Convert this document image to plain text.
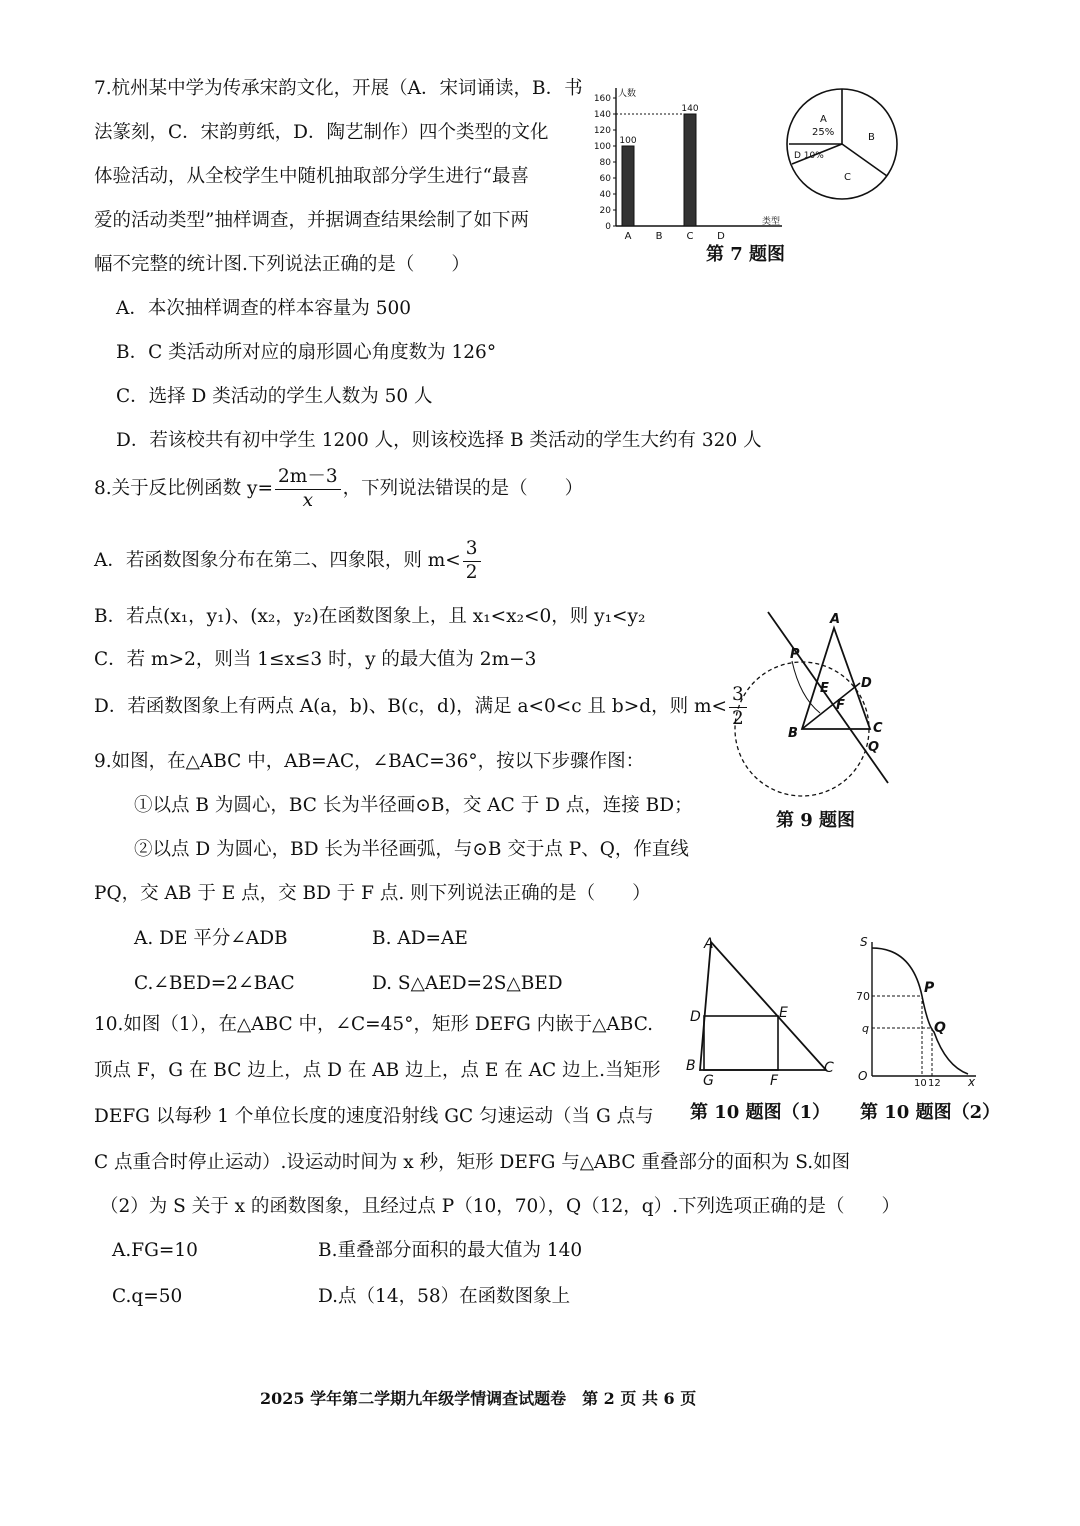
7.杭州某中学为传承宋韵文化，开展（A．宋词诵读，B．书
法篆刻，C．宋韵剪纸，D．陶艺制作）四个类型的文化
体验活动，从全校学生中随机抽取部分学生进行“最喜
爱的活动类型”抽样调查，并据调查结果绘制了如下两
幅不完整的统计图.下列说法正确的是（　　）
0
20
40
60
80
100
120
140
160 人数
类型
A
100
B C
140
D
A
25%	B
C
D 10%
第 7 题图
A．本次抽样调查的样本容量为 500
B．C 类活动所对应的扇形圆心角度数为 126°
C．选择 D 类活动的学生人数为 50 人
D．若该校共有初中学生 1200 人，则该校选择 B 类活动的学生大约有 320 人
8.关于反比例函数 $y= \frac{2m-3}{x}$ ，下列说法错误的是（　　）
A．若函数图象分布在第二、四象限，则 $m< \frac{3}{2}$
B．若点(x₁，y₁)、(x₂，y₂)在函数图象上，且 x₁<x₂<0，则 y₁<y₂
C．若 m>2，则当 1≤x≤3 时，y 的最大值为 2m−3
D．若函数图象上有两点 A(a，b)、B(c，d)，满足 a<0<c 且 b>d，则 $m< \frac{3}{2}$
A
B	C
D
E
F
P
Q
第 9 题图
9.如图，在△ABC 中，AB=AC，∠BAC=36°，按以下步骤作图：
①以点 B 为圆心，BC 长为半径画⊙B，交 AC 于 D 点，连接 BD；
②以点 D 为圆心，BD 长为半径画弧，与⊙B 交于点 P、Q，作直线
PQ，交 AB 于 E 点，交 BD 于 F 点. 则下列说法正确的是（　　）
A. DE 平分∠ADB	B. AD=AE
C.∠BED=2∠BAC	D. S△AED=2S△BED
A
B	C
D	E
F
G
S
O	x
70
q
10 12
P
Q
第 10 题图（1） 第 10 题图（2）
10.如图（1），在△ABC 中，∠C=45°，矩形 DEFG 内嵌于△ABC.
顶点 F，G 在 BC 边上，点 D 在 AB 边上，点 E 在 AC 边上.当矩形
DEFG 以每秒 1 个单位长度的速度沿射线 GC 匀速运动（当 G 点与
C 点重合时停止运动）.设运动时间为 x 秒，矩形 DEFG 与△ABC 重叠部分的面积为 S.如图
（2）为 S 关于 x 的函数图象，且经过点 P（10，70），Q（12，q）.下列选项正确的是（　　）
A.FG=10	B.重叠部分面积的最大值为 140
C.q=50	D.点（14，58）在函数图象上
2025 学年第二学期九年级学情调查试题卷　第 2 页 共 6 页
